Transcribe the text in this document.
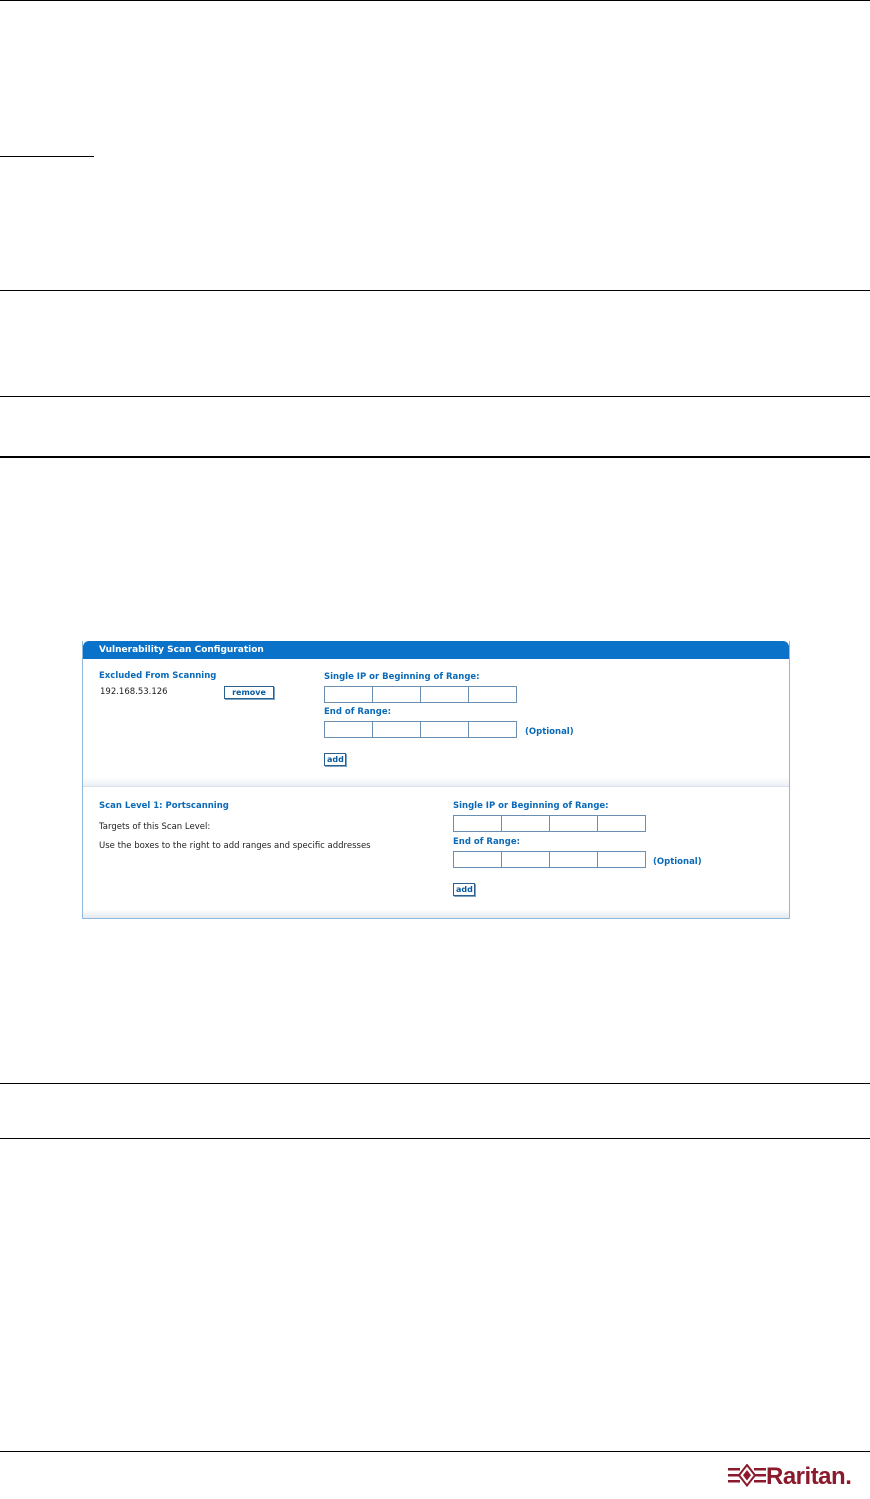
Vulnerability Scan Configuration
Excluded From Scanning
192.168.53.126	remove
Single IP or Beginning of Range:
End of Range:
(Optional)
add
Scan Level 1: Portscanning
Targets of this Scan Level:
Use the boxes to the right to add ranges and specific addresses
Single IP or Beginning of Range:
End of Range:
(Optional)
add
Raritan.
